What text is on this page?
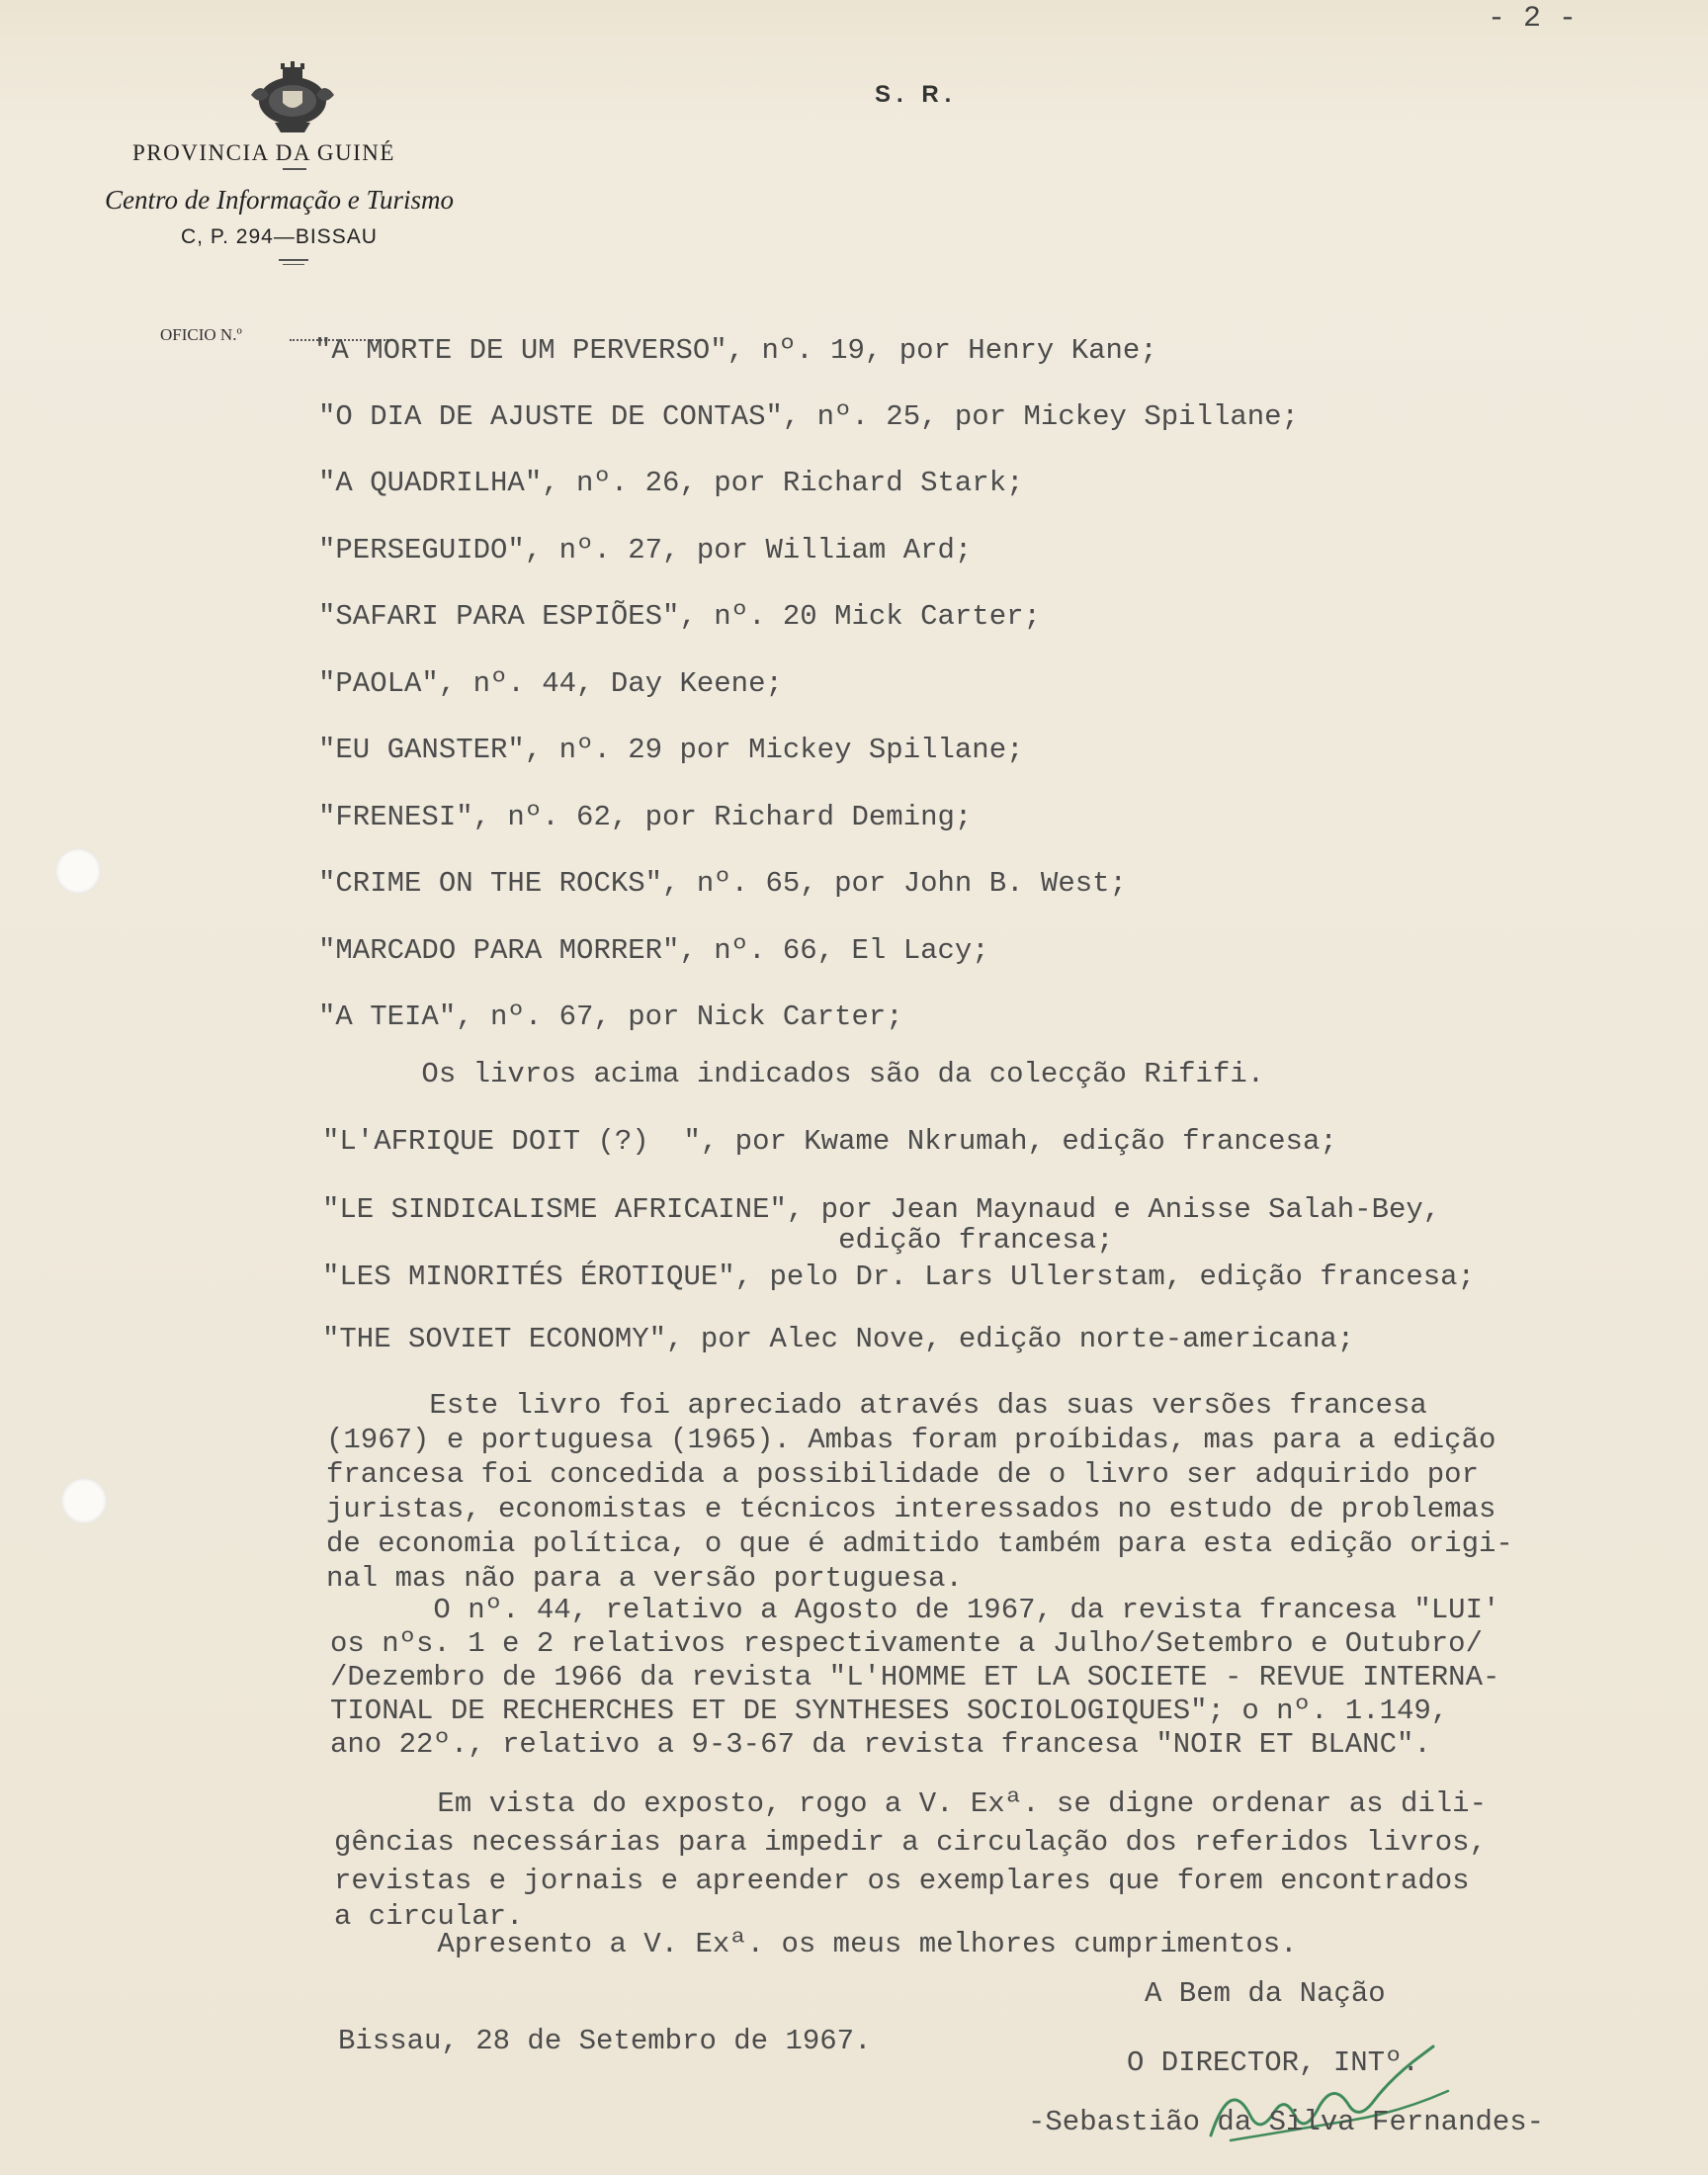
- 2 -
S. R.
PROVINCIA DA GUINÉ
Centro de Informação e Turismo
C, P. 294—BISSAU
OFICIO N.º	"A MORTE DE UM PERVERSO", nº. 19, por Henry Kane;
"O DIA DE AJUSTE DE CONTAS", nº. 25, por Mickey Spillane;
"A QUADRILHA", nº. 26, por Richard Stark;
"PERSEGUIDO", nº. 27, por William Ard;
"SAFARI PARA ESPIÕES", nº. 20 Mick Carter;
"PAOLA", nº. 44, Day Keene;
"EU GANSTER", nº. 29 por Mickey Spillane;
"FRENESI", nº. 62, por Richard Deming;
"CRIME ON THE ROCKS", nº. 65, por John B. West;
"MARCADO PARA MORRER", nº. 66, El Lacy;
"A TEIA", nº. 67, por Nick Carter;
Os livros acima indicados são da colecção Rififi.
"L'AFRIQUE DOIT (?)  ", por Kwame Nkrumah, edição francesa;
"LE SINDICALISME AFRICAINE", por Jean Maynaud e Anisse Salah-Bey,
edição francesa;
"LES MINORITÉS ÉROTIQUE", pelo Dr. Lars Ullerstam, edição francesa;
"THE SOVIET ECONOMY", por Alec Nove, edição norte-americana;
Este livro foi apreciado através das suas versões francesa
(1967) e portuguesa (1965). Ambas foram proíbidas, mas para a edição
francesa foi concedida a possibilidade de o livro ser adquirido por
juristas, economistas e técnicos interessados no estudo de problemas
de economia política, o que é admitido também para esta edição origi-
nal mas não para a versão portuguesa.
O nº. 44, relativo a Agosto de 1967, da revista francesa "LUI'
os nºs. 1 e 2 relativos respectivamente a Julho/Setembro e Outubro/
/Dezembro de 1966 da revista "L'HOMME ET LA SOCIETE - REVUE INTERNA-
TIONAL DE RECHERCHES ET DE SYNTHESES SOCIOLOGIQUES"; o nº. 1.149,
ano 22º., relativo a 9-3-67 da revista francesa "NOIR ET BLANC".
Em vista do exposto, rogo a V. Exª. se digne ordenar as dili-
gências necessárias para impedir a circulação dos referidos livros,
revistas e jornais e apreender os exemplares que forem encontrados
a circular.
Apresento a V. Exª. os meus melhores cumprimentos.
A Bem da Nação
Bissau, 28 de Setembro de 1967.
O DIRECTOR, INTº.
-Sebastião da Silva Fernandes-
